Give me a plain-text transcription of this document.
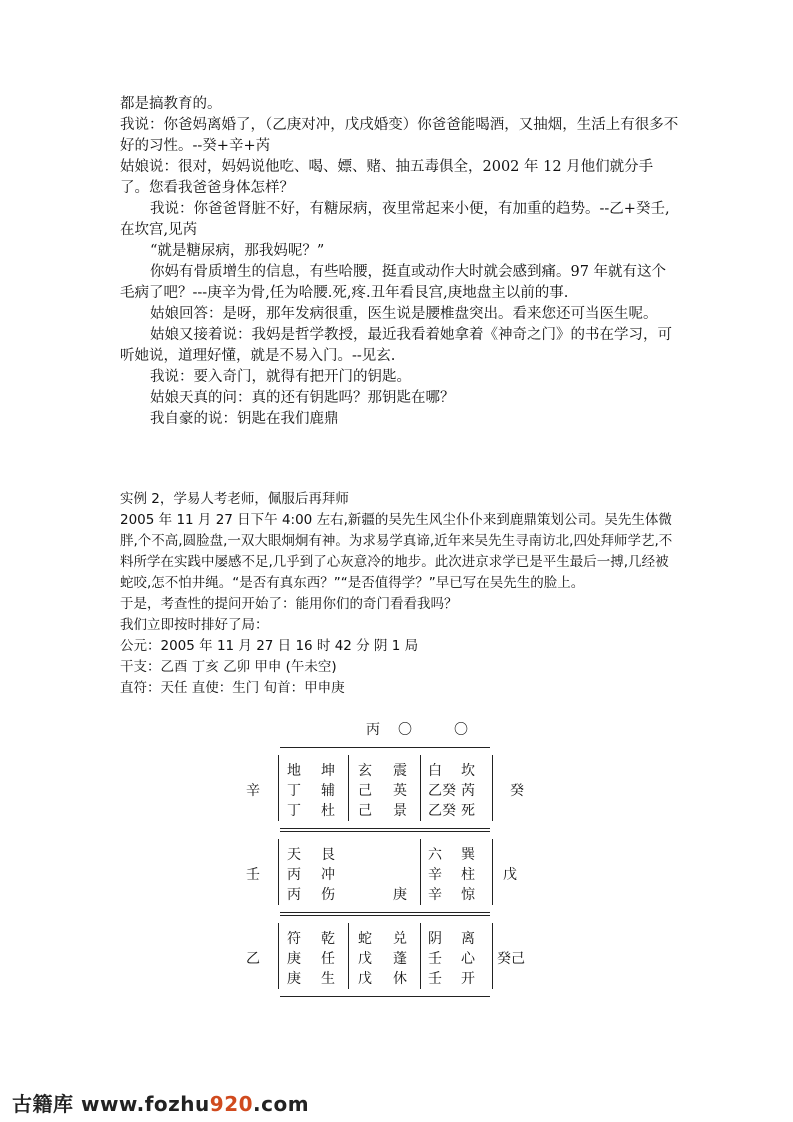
都是搞教育的。

我说：你爸妈离婚了，（乙庚对冲，戊戌婚变）你爸爸能喝酒，又抽烟，生活上有很多不好的习性。--癸+辛+芮

姑娘说：很对，妈妈说他吃、喝、嫖、赌、抽五毒俱全，2002 年 12 月他们就分手了。您看我爸爸身体怎样？

我说：你爸爸肾脏不好，有糖尿病，夜里常起来小便，有加重的趋势。--乙+癸壬,在坎宫,见芮

“就是糖尿病，那我妈呢？”

你妈有骨质增生的信息，有些哈腰，挺直或动作大时就会感到痛。97 年就有这个毛病了吧？---庚辛为骨,任为哈腰.死,疼.丑年看艮宫,庚地盘主以前的事.

姑娘回答：是呀，那年发病很重，医生说是腰椎盘突出。看来您还可当医生呢。

姑娘又接着说：我妈是哲学教授，最近我看着她拿着《神奇之门》的书在学习，可听她说，道理好懂，就是不易入门。--见玄.

我说：要入奇门，就得有把开门的钥匙。

姑娘天真的问：真的还有钥匙吗？那钥匙在哪？

我自豪的说：钥匙在我们鹿鼎

实例 2，学易人考老师，佩服后再拜师

2005 年 11 月 27 日下午 4:00 左右,新疆的吴先生风尘仆仆来到鹿鼎策划公司。吴先生体微胖,个不高,圆脸盘,一双大眼炯炯有神。为求易学真谛,近年来吴先生寻南访北,四处拜师学艺,不料所学在实践中屡感不足,几乎到了心灰意冷的地步。此次进京求学已是平生最后一搏,几经被蛇咬,怎不怕井绳。“是否有真东西？”“是否值得学？”早已写在吴先生的脸上。

于是，考查性的提问开始了：能用你们的奇门看看我吗？

我们立即按时排好了局：

公元：2005 年 11 月 27 日 16 时 42 分 阴 1 局

干支：乙酉 丁亥 乙卯 甲申 (午未空)

直符：天任 直使：生门 旬首：甲申庚

丙 〇	〇
辛
壬
乙
癸
戊
癸己
地 坤
丁 辅
丁 杜
玄 震
己 英
己 景
白 坎
乙癸 芮
乙癸 死
天 艮
丙 冲
丙 伤	庚
六 巽
辛 柱
辛 惊
符 乾
庚 任
庚 生
蛇 兑
戊 蓬
戊 休
阴 离
壬 心
壬 开
古籍库 www.fozhu920.com
